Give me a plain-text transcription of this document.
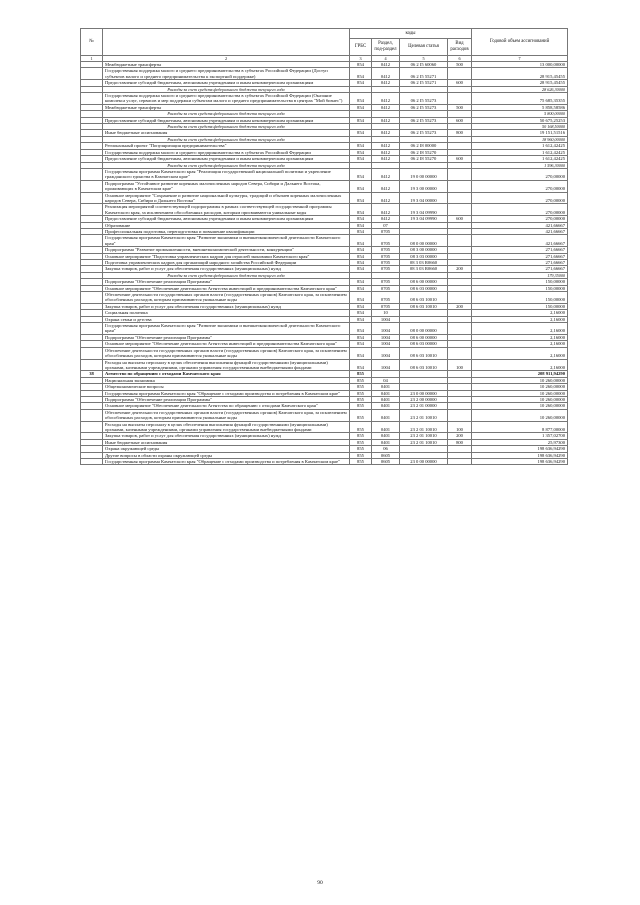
№		коды				Годовой объем ассигнований
		ГРБС	Раздел, под-раздел	Целевая статья	Вид расходов	
1	2	3	4	5	6	7
	Межбюджетные трансферты	854	0412	06 2 I5 60060	500	13 000,00000
	Государственная поддержка малого и среднего предпринимательства в субъектах Российской Федерации (Доступ субъектов малого и среднего предпринимательства к экспортной поддержке)	854	0412	06 2 I5 55271		28 915,45455
	Предоставление субсидий бюджетным, автономным учреждениям и иным некоммерческим организациям	854	0412	06 2 I5 55271	600	28 915,45455
	Расходы за счет средств федерального бюджета текущего года					28 626,30000
	Государственная поддержка малого и среднего предпринимательства в субъектах Российской Федерации (Оказание комплекса услуг, сервисов и мер поддержки субъектам малого и среднего предпринимательства в центрах "Мой бизнес")	854	0412	06 2 I5 55273		75 685,35355
	Межбюджетные трансферты	854	0412	06 2 I5 55273	500	5 858,58586
	Расходы за счет средств федерального бюджета текущего года					5 800,00000
	Предоставление субсидий бюджетным, автономным учреждениям и иным некоммерческим организациям	854	0412	06 2 I5 55273	600	50 675,25253
	Расходы за счет средств федерального бюджета текущего года					50 168,50000
	Иные бюджетные ассигнования	854	0412	06 2 I5 55273	800	19 151,51516
	Расходы за счет средств федерального бюджета текущего года					18 960,00000
	Региональный проект "Популяризация предпринимательства"	854	0412	06 2 I8 00000		1 612,42425
	Государственная поддержка малого и среднего предпринимательства в субъектах Российской Федерации	854	0412	06 2 I8 55270		1 612,42425
	Предоставление субсидий бюджетным, автономным учреждениям и иным некоммерческим организациям	854	0412	06 2 I8 55270	600	1 612,42425
	Расходы за счет средств федерального бюджета текущего года					1 596,30000
	Государственная программа Камчатского края "Реализация государственной национальной политики и укрепление гражданского единства в Камчатском крае"	854	0412	19 0 00 00000		270,00000
	Подпрограмма "Устойчивое развитие коренных малочисленных народов Севера, Сибири и Дальнего Востока, проживающих в Камчатском крае"	854	0412	19 3 00 00000		270,00000
	Основное мероприятие "Сохранение и развитие национальной культуры, традиций и обычаев коренных малочисленных народов Севера, Сибири и Дальнего Востока"	854	0412	19 3 04 00000		270,00000
	Реализация мероприятий соответствующей подпрограммы в рамках соответствующей государственной программы Камчатского края, за исключением обособленных расходов, которым присваиваются уникальные коды	854	0412	19 3 04 09990		270,00000
	Предоставление субсидий бюджетным, автономным учреждениям и иным некоммерческим организациям	854	0412	19 3 04 09990	600	270,00000
	Образование	854	07			421,66667
	Профессиональная подготовка, переподготовка и повышение квалификации	854	0705			421,66667
	Государственная программа Камчатского края "Развитие экономики и внешнеэкономической деятельности Камчатского края"	854	0705	08 0 00 00000		421,66667
	Подпрограмма "Развитие промышленности, внешнеэкономической деятельности, конкуренции"	854	0705	08 3 00 00000		271,66667
	Основное мероприятие "Подготовка управленческих кадров для отраслей экономики Камчатского края"	854	0705	08 3 03 00000		271,66667
	Подготовка управленческих кадров для организаций народного хозяйства Российской Федерации	854	0705	08 3 03 R0660		271,66667
	Закупка товаров, работ и услуг для обеспечения государственных (муниципальных) нужд	854	0705	08 3 03 R0660	200	271,66667
	Расходы за счет средств федерального бюджета текущего года					179,35000
	Подпрограмма "Обеспечение реализации Программы"	854	0705	08 6 00 00000		150,00000
	Основное мероприятие "Обеспечение деятельности Агентства инвестиций и предпринимательства Камчатского края"	854	0705	08 6 03 00000		150,00000
	Обеспечение деятельности государственных органов власти (государственных органов) Камчатского края, за исключением обособленных расходов, которым присваиваются уникальные коды	854	0705	08 6 03 10010		150,00000
	Закупка товаров, работ и услуг для обеспечения государственных (муниципальных) нужд	854	0705	08 6 03 10010	200	150,00000
	Социальная политика	854	10			2,16000
	Охрана семьи и детства	854	1004			2,16000
	Государственная программа Камчатского края "Развитие экономики и внешнеэкономической деятельности Камчатского края"	854	1004	08 0 00 00000		2,16000
	Подпрограмма "Обеспечение реализации Программы"	854	1004	08 6 00 00000		2,16000
	Основное мероприятие "Обеспечение деятельности Агентства инвестиций и предпринимательства Камчатского края"	854	1004	08 6 03 00000		2,16000
	Обеспечение деятельности государственных органов власти (государственных органов) Камчатского края, за исключением обособленных расходов, которым присваиваются уникальные коды	854	1004	08 6 03 10010		2,16000
	Расходы на выплаты персоналу в целях обеспечения выполнения функций государственными (муниципальными) органами, казенными учреждениями, органами управления государственными внебюджетными фондами	854	1004	08 6 03 10010	100	2,16000
38	Агентство по обращению с отходами Камчатского края	855				208 911,94290
	Национальная экономика	855	04			10 260,00000
	Общеэкономические вопросы	855	0401			10 260,00000
	Государственная программа Камчатского края "Обращение с отходами производства и потребления в Камчатском крае"	855	0401	23 0 00 00000		10 260,00000
	Подпрограмма "Обеспечение реализации Программы"	855	0401	23 2 00 00000		10 260,00000
	Основное мероприятие "Обеспечение деятельности Агентства по обращению с отходами Камчатского края"	855	0401	23 2 01 00000		10 260,00000
	Обеспечение деятельности государственных органов власти (государственных органов) Камчатского края, за исключением обособленных расходов, которым присваиваются уникальные коды	855	0401	23 2 01 10010		10 260,00000
	Расходы на выплаты персоналу в целях обеспечения выполнения функций государственными (муниципальными) органами, казенными учреждениями, органами управления государственными внебюджетными фондами	855	0401	23 2 01 10010	100	8 877,00000
	Закупка товаров, работ и услуг для обеспечения государственных (муниципальных) нужд	855	0401	23 2 01 10010	200	1 357,02700
	Иные бюджетные ассигнования	855	0401	23 2 01 10010	800	25,97300
	Охрана окружающей среды	855	06			198 636,94290
	Другие вопросы в области охраны окружающей среды	855	0605			198 636,94290
	Государственная программа Камчатского края "Обращение с отходами производства и потребления в Камчатском крае"	855	0605	23 0 00 00000		198 636,94290
90
